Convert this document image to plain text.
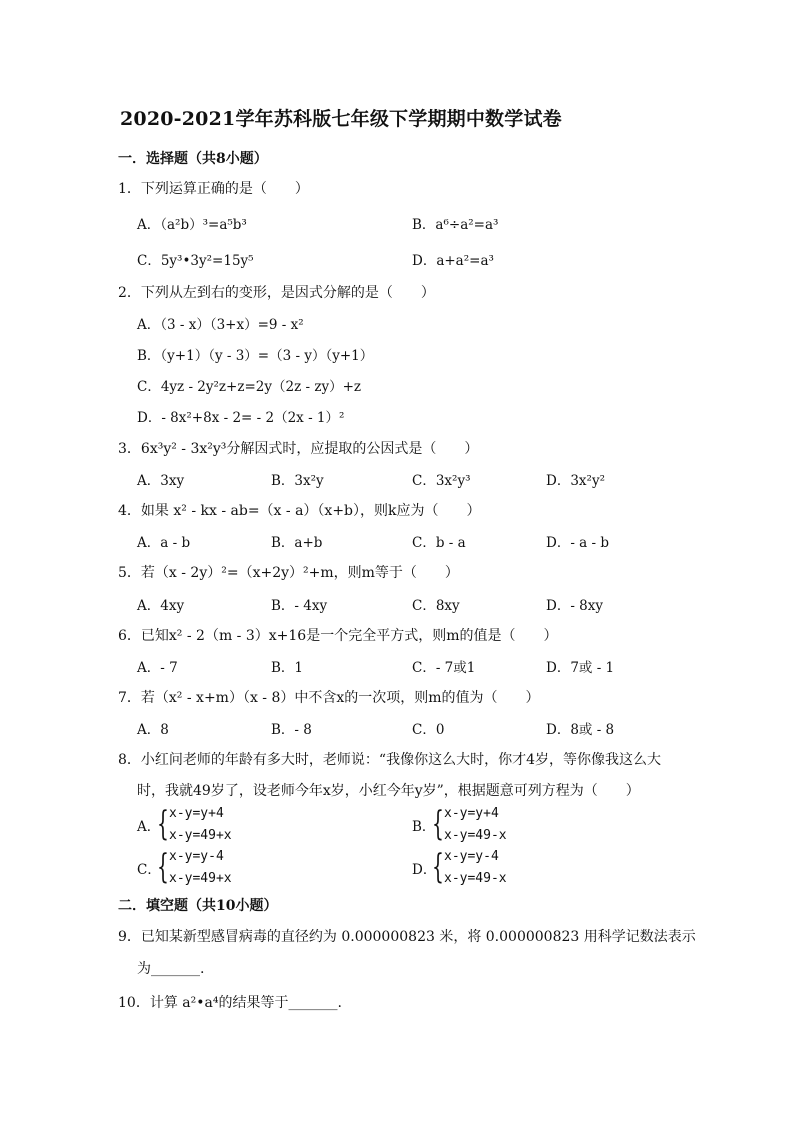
2020-2021学年苏科版七年级下学期期中数学试卷
一．选择题（共8小题）
1．下列运算正确的是（　　）
A．（a²b）³=a⁵b³	B．a⁶÷a²=a³
C．5y³•3y²=15y⁵	D．a+a²=a³
2．下列从左到右的变形，是因式分解的是（　　）
A．（3 - x）（3+x）=9 - x²
B．（y+1）（y - 3）=（3 - y）（y+1）
C．4yz - 2y²z+z=2y（2z - zy）+z
D．- 8x²+8x - 2= - 2（2x - 1）²
3．6x³y² - 3x²y³分解因式时，应提取的公因式是（　　）
A．3xy	B．3x²y	C．3x²y³	D．3x²y²
4．如果 x² - kx - ab=（x - a）（x+b），则k应为（　　）
A．a - b	B．a+b	C．b - a	D．- a - b
5．若（x - 2y）²=（x+2y）²+m，则m等于（　　）
A．4xy	B．- 4xy	C．8xy	D．- 8xy
6．已知x² - 2（m - 3）x+16是一个完全平方式，则m的值是（　　）
A．- 7	B．1	C．- 7或1	D．7或 - 1
7．若（x² - x+m）（x - 8）中不含x的一次项，则m的值为（　　）
A．8	B．- 8	C．0	D．8或 - 8
8．小红问老师的年龄有多大时，老师说：“我像你这么大时，你才4岁，等你像我这么大
时，我就49岁了，设老师今年x岁，小红今年y岁”，根据题意可列方程为（　　）
A．
{ x-y=y+4
x-y=49+x
B．
{ x-y=y+4
x-y=49-x
C．
{ x-y=y-4
x-y=49+x
D．
{ x-y=y-4
x-y=49-x
二．填空题（共10小题）
9．已知某新型感冒病毒的直径约为 0.000000823 米，将 0.000000823 用科学记数法表示
为_______.
10．计算 a²•a⁴的结果等于_______.
